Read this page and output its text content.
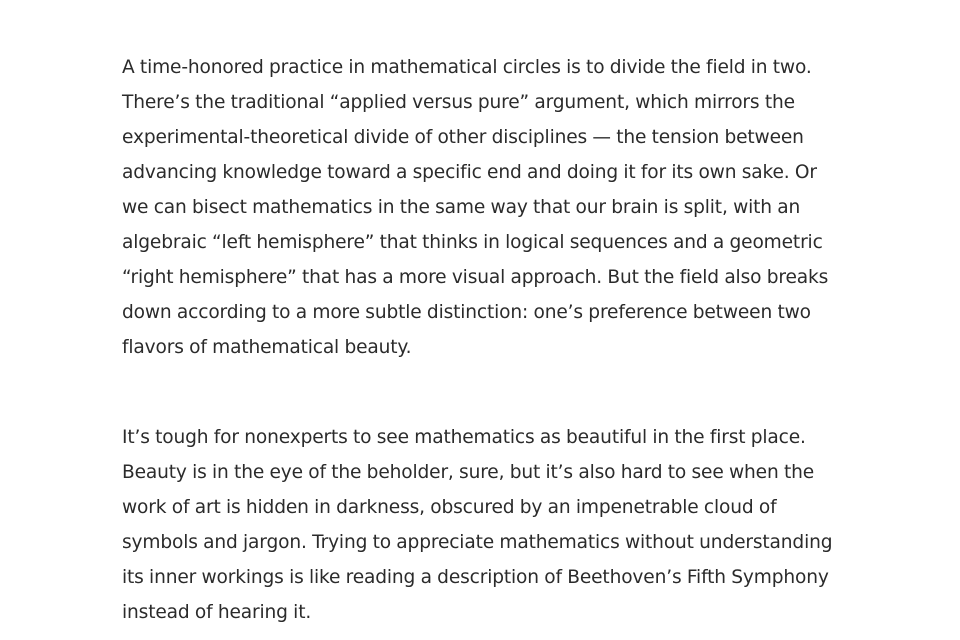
A time-honored practice in mathematical circles is to divide the field in two. There’s the traditional “applied versus pure” argument, which mirrors the experimental-theoretical divide of other disciplines — the tension between advancing knowledge toward a specific end and doing it for its own sake. Or we can bisect mathematics in the same way that our brain is split, with an algebraic “left hemisphere” that thinks in logical sequences and a geometric “right hemisphere” that has a more visual approach. But the field also breaks down according to a more subtle distinction: one’s preference between two flavors of mathematical beauty.

It’s tough for nonexperts to see mathematics as beautiful in the first place. Beauty is in the eye of the beholder, sure, but it’s also hard to see when the work of art is hidden in darkness, obscured by an impenetrable cloud of symbols and jargon. Trying to appreciate mathematics without understanding its inner workings is like reading a description of Beethoven’s Fifth Symphony instead of hearing it.
